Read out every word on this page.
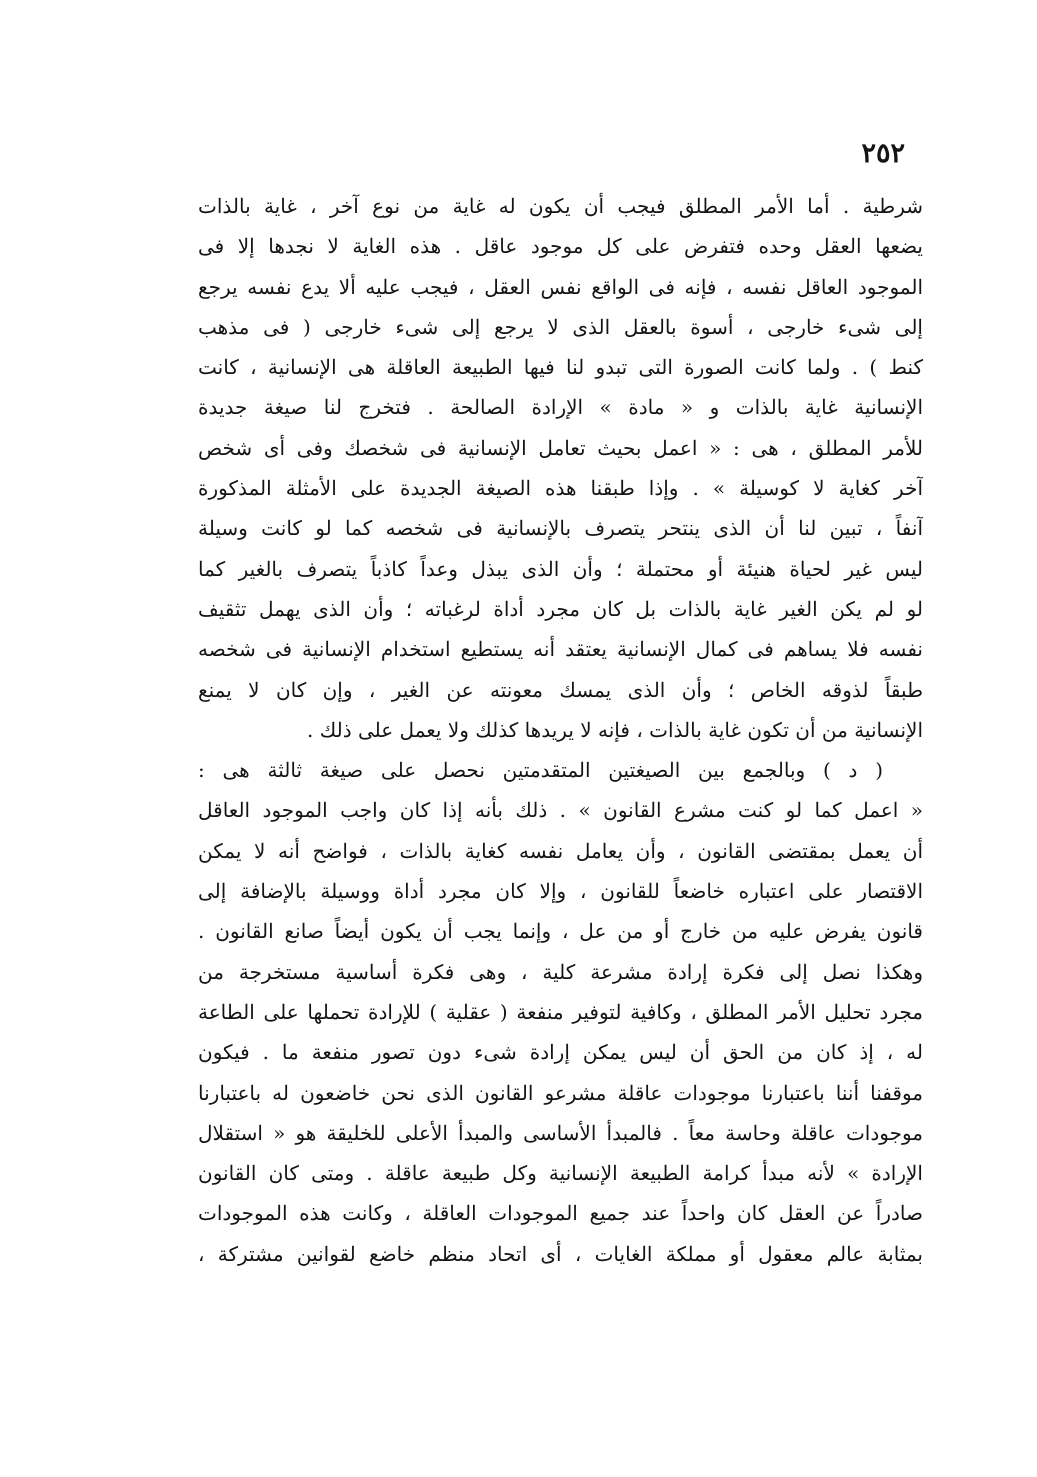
٢٥٢
شرطية . أما الأمر المطلق فيجب أن يكون له غاية من نوع آخر ، غاية بالذات
يضعها العقل وحده فتفرض على كل موجود عاقل . هذه الغاية لا نجدها إلا فى
الموجود العاقل نفسه ، فإنه فى الواقع نفس العقل ، فيجب عليه ألا يدع نفسه يرجع
إلى شىء خارجى ، أسوة بالعقل الذى لا يرجع إلى شىء خارجى ( فى مذهب
كنط ) . ولما كانت الصورة التى تبدو لنا فيها الطبيعة العاقلة هى الإنسانية ، كانت
الإنسانية غاية بالذات و « مادة » الإرادة الصالحة . فتخرج لنا صيغة جديدة
للأمر المطلق ، هى : « اعمل بحيث تعامل الإنسانية فى شخصك وفى أى شخص
آخر كغاية لا كوسيلة » . وإذا طبقنا هذه الصيغة الجديدة على الأمثلة المذكورة
آنفاً ، تبين لنا أن الذى ينتحر يتصرف بالإنسانية فى شخصه كما لو كانت وسيلة
ليس غير لحياة هنيئة أو محتملة ؛ وأن الذى يبذل وعداً كاذباً يتصرف بالغير كما
لو لم يكن الغير غاية بالذات بل كان مجرد أداة لرغباته ؛ وأن الذى يهمل تثقيف
نفسه فلا يساهم فى كمال الإنسانية يعتقد أنه يستطيع استخدام الإنسانية فى شخصه
طبقاً لذوقه الخاص ؛ وأن الذى يمسك معونته عن الغير ، وإن كان لا يمنع
الإنسانية من أن تكون غاية بالذات ، فإنه لا يريدها كذلك ولا يعمل على ذلك .
( د ) وبالجمع بين الصيغتين المتقدمتين نحصل على صيغة ثالثة هى :
« اعمل كما لو كنت مشرع القانون » . ذلك بأنه إذا كان واجب الموجود العاقل
أن يعمل بمقتضى القانون ، وأن يعامل نفسه كغاية بالذات ، فواضح أنه لا يمكن
الاقتصار على اعتباره خاضعاً للقانون ، وإلا كان مجرد أداة ووسيلة بالإضافة إلى
قانون يفرض عليه من خارج أو من عل ، وإنما يجب أن يكون أيضاً صانع القانون .
وهكذا نصل إلى فكرة إرادة مشرعة كلية ، وهى فكرة أساسية مستخرجة من
مجرد تحليل الأمر المطلق ، وكافية لتوفير منفعة ( عقلية ) للإرادة تحملها على الطاعة
له ، إذ كان من الحق أن ليس يمكن إرادة شىء دون تصور منفعة ما . فيكون
موقفنا أننا باعتبارنا موجودات عاقلة مشرعو القانون الذى نحن خاضعون له باعتبارنا
موجودات عاقلة وحاسة معاً . فالمبدأ الأساسى والمبدأ الأعلى للخليقة هو « استقلال
الإرادة » لأنه مبدأ كرامة الطبيعة الإنسانية وكل طبيعة عاقلة . ومتى كان القانون
صادراً عن العقل كان واحداً عند جميع الموجودات العاقلة ، وكانت هذه الموجودات
بمثابة عالم معقول أو مملكة الغايات ، أى اتحاد منظم خاضع لقوانين مشتركة ،
